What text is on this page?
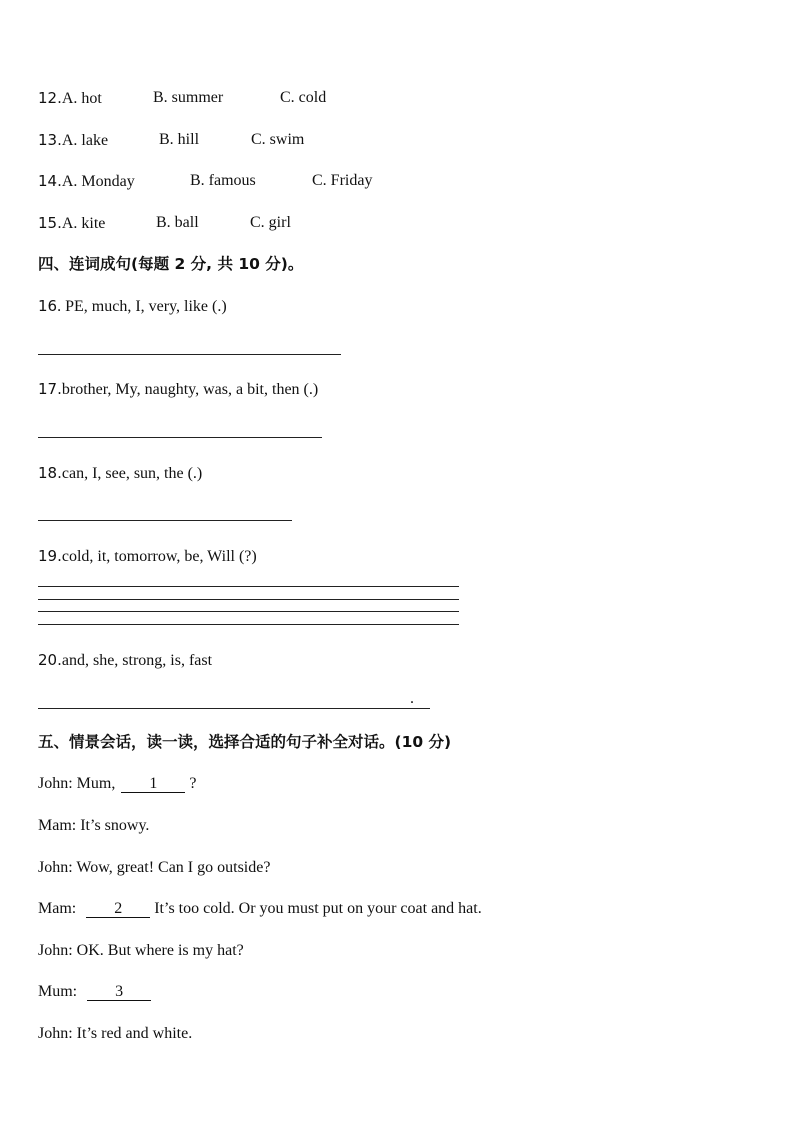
12.A. hot	B. summer	C. cold
13.A. lake	B. hill	C. swim
14.A. Monday	B. famous	C. Friday
15.A. kite	B. ball	C. girl
四、连词成句(每题 2 分, 共 10 分)。
16. PE, much, I, very, like (.)
17.brother, My, naughty, was, a bit, then (.)
18.can, I, see, sun, the (.)
19.cold, it, tomorrow, be, Will (?)
20.and, she, strong, is, fast
.
五、情景会话，读一读，选择合适的句子补全对话。(10 分)
John: Mum, 1 ?
Mam: It’s snowy.
John: Wow, great! Can I go outside?
Mam: 2 It’s too cold. Or you must put on your coat and hat.
John: OK. But where is my hat?
Mum: 3
John: It’s red and white.
